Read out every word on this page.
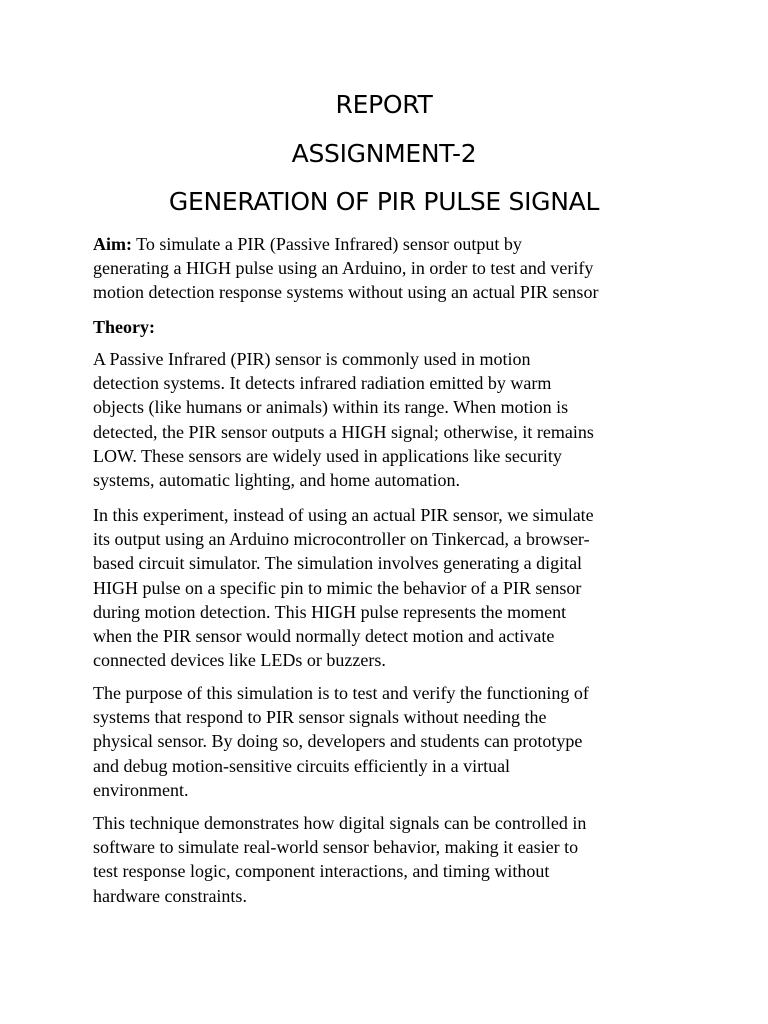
REPORT
ASSIGNMENT-2
GENERATION OF PIR PULSE SIGNAL
Aim: To simulate a PIR (Passive Infrared) sensor output by
generating a HIGH pulse using an Arduino, in order to test and verify
motion detection response systems without using an actual PIR sensor
Theory:
A Passive Infrared (PIR) sensor is commonly used in motion
detection systems. It detects infrared radiation emitted by warm
objects (like humans or animals) within its range. When motion is
detected, the PIR sensor outputs a HIGH signal; otherwise, it remains
LOW. These sensors are widely used in applications like security
systems, automatic lighting, and home automation.
In this experiment, instead of using an actual PIR sensor, we simulate
its output using an Arduino microcontroller on Tinkercad, a browser-
based circuit simulator. The simulation involves generating a digital
HIGH pulse on a specific pin to mimic the behavior of a PIR sensor
during motion detection. This HIGH pulse represents the moment
when the PIR sensor would normally detect motion and activate
connected devices like LEDs or buzzers.
The purpose of this simulation is to test and verify the functioning of
systems that respond to PIR sensor signals without needing the
physical sensor. By doing so, developers and students can prototype
and debug motion-sensitive circuits efficiently in a virtual
environment.
This technique demonstrates how digital signals can be controlled in
software to simulate real-world sensor behavior, making it easier to
test response logic, component interactions, and timing without
hardware constraints.
